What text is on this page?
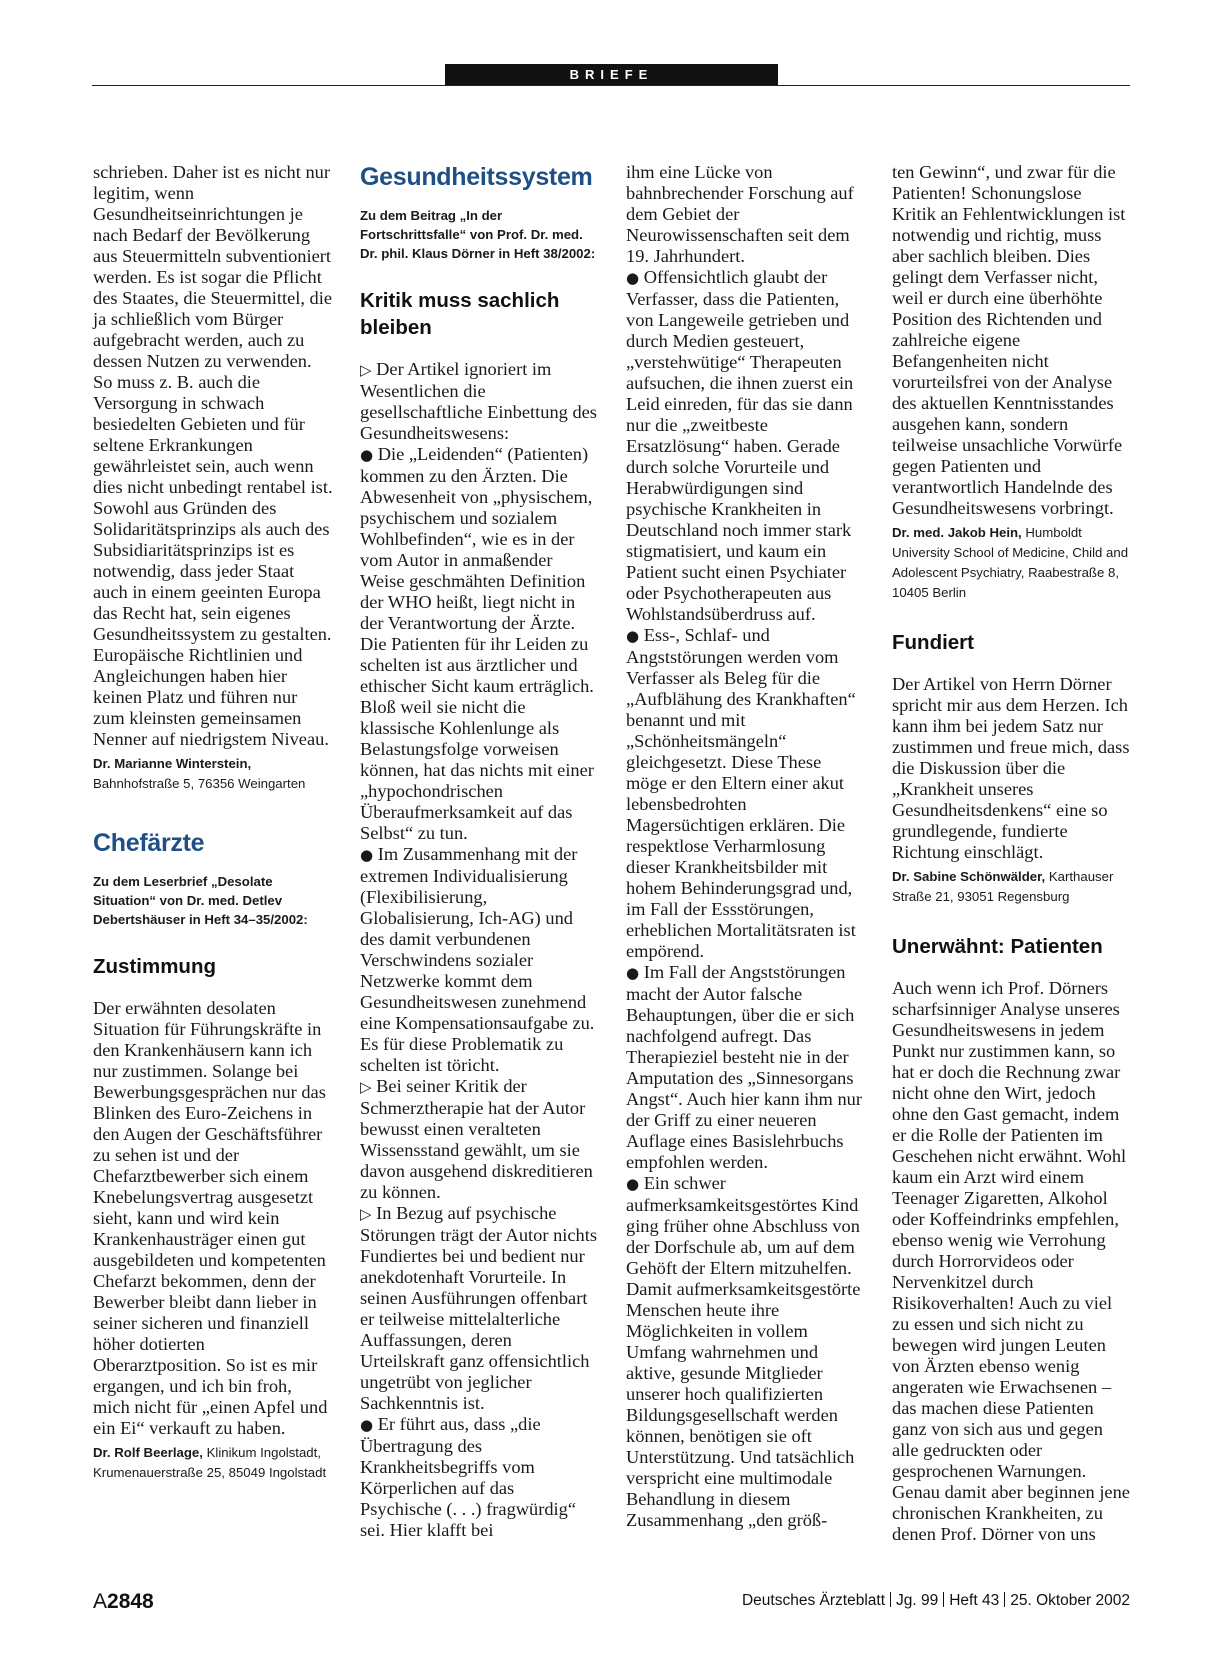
BRIEFE

schrieben. Daher ist es nicht nur legitim, wenn Gesundheitseinrichtungen je nach Bedarf der Bevölkerung aus Steuermitteln subventioniert werden. Es ist sogar die Pflicht des Staates, die Steuermittel, die ja schließlich vom Bürger aufgebracht werden, auch zu dessen Nutzen zu verwenden. So muss z. B. auch die Versorgung in schwach besiedelten Gebieten und für seltene Erkrankungen gewährleistet sein, auch wenn dies nicht unbedingt rentabel ist. Sowohl aus Gründen des Solidaritätsprinzips als auch des Subsidiaritätsprinzips ist es notwendig, dass jeder Staat auch in einem geeinten Europa das Recht hat, sein eigenes Gesundheitssystem zu gestalten. Europäische Richtlinien und Angleichungen haben hier keinen Platz und führen nur zum kleinsten gemeinsamen Nenner auf niedrigstem Niveau.

Dr. Marianne Winterstein,
Bahnhofstraße 5, 76356 Weingarten
Chefärzte
Zu dem Leserbrief „Desolate Situation“ von Dr. med. Detlev Debertshäuser in Heft 34–35/2002:
Zustimmung

Der erwähnten desolaten Situation für Führungskräfte in den Krankenhäusern kann ich nur zustimmen. Solange bei Bewerbungsgesprächen nur das Blinken des Euro-Zeichens in den Augen der Geschäftsführer zu sehen ist und der Chefarztbewerber sich einem Knebelungsvertrag ausgesetzt sieht, kann und wird kein Krankenhausträger einen gut ausgebildeten und kompetenten Chefarzt bekommen, denn der Bewerber bleibt dann lieber in seiner sicheren und finanziell höher dotierten Oberarztposition. So ist es mir ergangen, und ich bin froh, mich nicht für „einen Apfel und ein Ei“ verkauft zu haben.

Dr. Rolf Beerlage, Klinikum Ingolstadt, Krumenauerstraße 25, 85049 Ingolstadt
Gesundheitssystem
Zu dem Beitrag „In der Fortschrittsfalle“ von Prof. Dr. med. Dr. phil. Klaus Dörner in Heft 38/2002:
Kritik muss sachlich bleiben

▷ Der Artikel ignoriert im Wesentlichen die gesellschaftliche Einbettung des Gesundheitswesens:

● Die „Leidenden“ (Patienten) kommen zu den Ärzten. Die Abwesenheit von „physischem, psychischem und sozialem Wohlbefinden“, wie es in der vom Autor in anmaßender Weise geschmähten Definition der WHO heißt, liegt nicht in der Verantwortung der Ärzte. Die Patienten für ihr Leiden zu schelten ist aus ärztlicher und ethischer Sicht kaum erträglich. Bloß weil sie nicht die klassische Kohlenlunge als Belastungsfolge vorweisen können, hat das nichts mit einer „hypochondrischen Überaufmerksamkeit auf das Selbst“ zu tun.

● Im Zusammenhang mit der extremen Individualisierung (Flexibilisierung, Globalisierung, Ich-AG) und des damit verbundenen Verschwindens sozialer Netzwerke kommt dem Gesundheitswesen zunehmend eine Kompensationsaufgabe zu. Es für diese Problematik zu schelten ist töricht.

▷ Bei seiner Kritik der Schmerztherapie hat der Autor bewusst einen veralteten Wissensstand gewählt, um sie davon ausgehend diskreditieren zu können.

▷ In Bezug auf psychische Störungen trägt der Autor nichts Fundiertes bei und bedient nur anekdotenhaft Vorurteile. In seinen Ausführungen offenbart er teilweise mittelalterliche Auffassungen, deren Urteilskraft ganz offensichtlich ungetrübt von jeglicher Sachkenntnis ist.

● Er führt aus, dass „die Übertragung des Krankheitsbegriffs vom Körperlichen auf das Psychische (. . .) fragwürdig“ sei. Hier klafft bei

ihm eine Lücke von bahnbrechender Forschung auf dem Gebiet der Neurowissenschaften seit dem 19. Jahrhundert.

● Offensichtlich glaubt der Verfasser, dass die Patienten, von Langeweile getrieben und durch Medien gesteuert, „verstehwütige“ Therapeuten aufsuchen, die ihnen zuerst ein Leid einreden, für das sie dann nur die „zweitbeste Ersatzlösung“ haben. Gerade durch solche Vorurteile und Herabwürdigungen sind psychische Krankheiten in Deutschland noch immer stark stigmatisiert, und kaum ein Patient sucht einen Psychiater oder Psychotherapeuten aus Wohlstandsüberdruss auf.

● Ess-, Schlaf- und Angststörungen werden vom Verfasser als Beleg für die „Aufblähung des Krankhaften“ benannt und mit „Schönheitsmängeln“ gleichgesetzt. Diese These möge er den Eltern einer akut lebensbedrohten Magersüchtigen erklären. Die respektlose Verharmlosung dieser Krankheitsbilder mit hohem Behinderungsgrad und, im Fall der Essstörungen, erheblichen Mortalitätsraten ist empörend.

● Im Fall der Angststörungen macht der Autor falsche Behauptungen, über die er sich nachfolgend aufregt. Das Therapieziel besteht nie in der Amputation des „Sinnesorgans Angst“. Auch hier kann ihm nur der Griff zu einer neueren Auflage eines Basislehrbuchs empfohlen werden.

● Ein schwer aufmerksamkeitsgestörtes Kind ging früher ohne Abschluss von der Dorfschule ab, um auf dem Gehöft der Eltern mitzuhelfen. Damit aufmerksamkeitsgestörte Menschen heute ihre Möglichkeiten in vollem Umfang wahrnehmen und aktive, gesunde Mitglieder unserer hoch qualifizierten Bildungsgesellschaft werden können, benötigen sie oft Unterstützung. Und tatsächlich verspricht eine multimodale Behandlung in diesem Zusammenhang „den größ-

ten Gewinn“, und zwar für die Patienten! Schonungslose Kritik an Fehlentwicklungen ist notwendig und richtig, muss aber sachlich bleiben. Dies gelingt dem Verfasser nicht, weil er durch eine überhöhte Position des Richtenden und zahlreiche eigene Befangenheiten nicht vorurteilsfrei von der Analyse des aktuellen Kenntnisstandes ausgehen kann, sondern teilweise unsachliche Vorwürfe gegen Patienten und verantwortlich Handelnde des Gesundheitswesens vorbringt.

Dr. med. Jakob Hein, Humboldt University School of Medicine, Child and Adolescent Psychiatry, Raabestraße 8, 10405 Berlin
Fundiert

Der Artikel von Herrn Dörner spricht mir aus dem Herzen. Ich kann ihm bei jedem Satz nur zustimmen und freue mich, dass die Diskussion über die „Krankheit unseres Gesundheitsdenkens“ eine so grundlegende, fundierte Richtung einschlägt.

Dr. Sabine Schönwälder, Karthauser Straße 21, 93051 Regensburg
Unerwähnt: Patienten

Auch wenn ich Prof. Dörners scharfsinniger Analyse unseres Gesundheitswesens in jedem Punkt nur zustimmen kann, so hat er doch die Rechnung zwar nicht ohne den Wirt, jedoch ohne den Gast gemacht, indem er die Rolle der Patienten im Geschehen nicht erwähnt. Wohl kaum ein Arzt wird einem Teenager Zigaretten, Alkohol oder Koffeindrinks empfehlen, ebenso wenig wie Verrohung durch Horrorvideos oder Nervenkitzel durch Risikoverhalten! Auch zu viel zu essen und sich nicht zu bewegen wird jungen Leuten von Ärzten ebenso wenig angeraten wie Erwachsenen – das machen diese Patienten ganz von sich aus und gegen alle gedruckten oder gesprochenen Warnungen. Genau damit aber beginnen jene chronischen Krankheiten, zu denen Prof. Dörner von uns

A2848	Deutsches Ärzteblatt Jg. 99 Heft 43 25. Oktober 2002
